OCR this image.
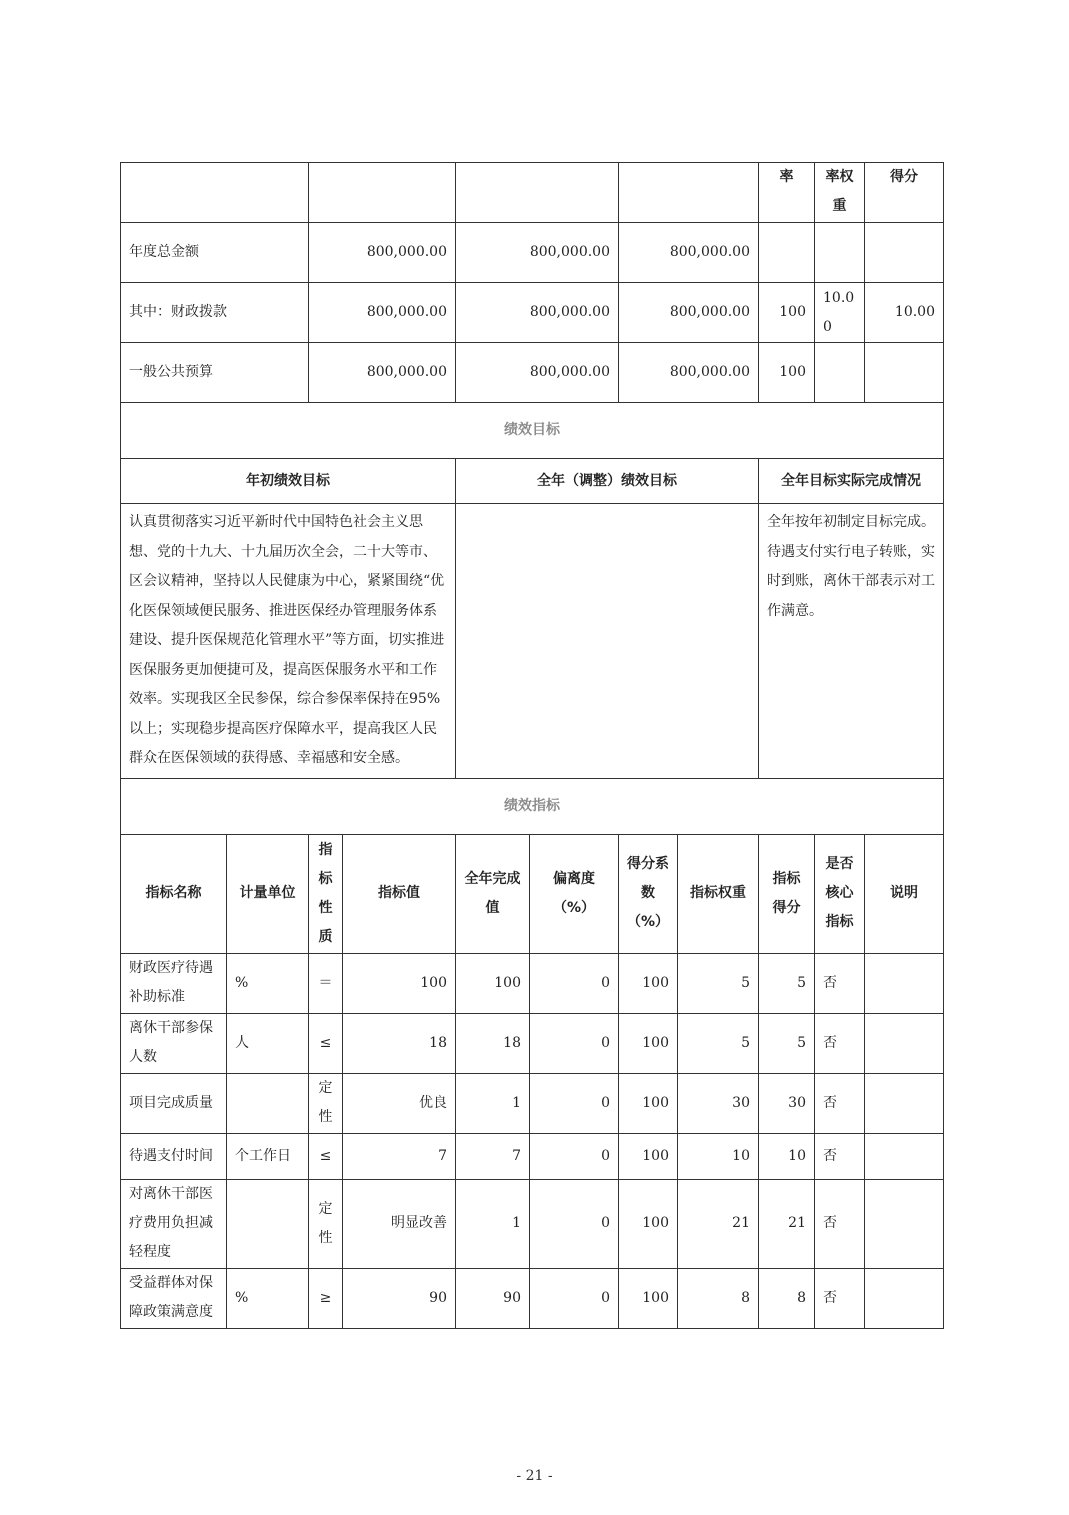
								率	率权重	得分
年度总金额		800,000.00		800,000.00		800,000.00				
其中：财政拨款		800,000.00		800,000.00		800,000.00		100	10.00	10.00
一般公共预算		800,000.00		800,000.00		800,000.00		100		
绩效目标										
年初绩效目标				全年（调整）绩效目标				全年目标实际完成情况		
认真贯彻落实习近平新时代中国特色社会主义思想、党的十九大、十九届历次全会，二十大等市、区会议精神，坚持以人民健康为中心，紧紧围绕“优化医保领域便民服务、推进医保经办管理服务体系建设、提升医保规范化管理水平”等方面，切实推进医保服务更加便捷可及，提高医保服务水平和工作效率。实现我区全民参保，综合参保率保持在95%以上；实现稳步提高医疗保障水平，提高我区人民群众在医保领域的获得感、幸福感和安全感。								全年按年初制定目标完成。待遇支付实行电子转账，实时到账，离休干部表示对工作满意。		
绩效指标										
指标名称	计量单位	指标性质	指标值	全年完成值	偏离度（%）	得分系数（%）	指标权重	指标得分	是否核心指标	说明
财政医疗待遇补助标准	%	＝	100	100	0	100	5	5	否	
离休干部参保人数	人	≤	18	18	0	100	5	5	否	
项目完成质量		定性	优良	1	0	100	30	30	否	
待遇支付时间	个工作日	≤	7	7	0	100	10	10	否	
对离休干部医疗费用负担减轻程度		定性	明显改善	1	0	100	21	21	否	
受益群体对保障政策满意度	%	≥	90	90	0	100	8	8	否	
- 21 -
